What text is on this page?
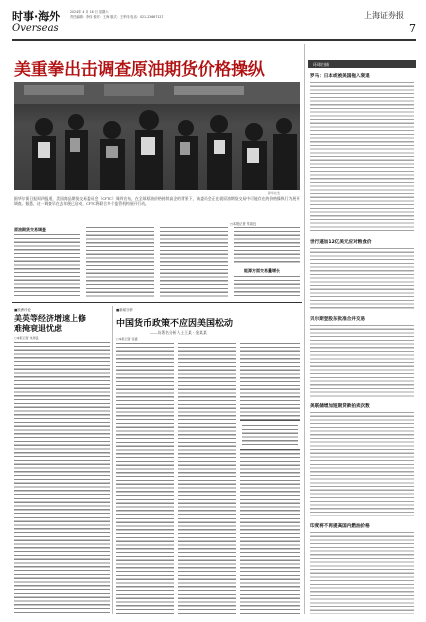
时事·海外	2024年 4 月 16 日 星期六
责任编辑：李伟 校对：王海 版式：王军伟 电话：021-22667127	上海证券报
Overseas	7
美重拳出击调查原油期货价格操纵
新华社发
据华尔街日报周四报道，美国商品期货交易委员会（CFTC）周四宣布，在全球原油价格持续高企的背景下，该委员会正在就原油期货交易中可能存在的价格操纵行为展开调查。据悉，这一调查早在去年便已启动，CFTC将联合多个监管机构展开行动。
○本报记者 朱周良
原油期货交易调查
能源方面交易量增长
环球扫描
罗马：日本或被美国拖入衰退
世行遥加12亿美元应对粮食价
贝尔斯登股东批准合并交易
美联储增加短期贷款拍卖次数
印度将不再提高国内燃油价格
■欧洲评论
美英等经济增速上修
难掩衰退忧虑
○本报记者 朱周良
■新闻分析
中国货币政策不应因美国松动
——访著名分析人士王某 · 金某某
○本报记者 张嘉
